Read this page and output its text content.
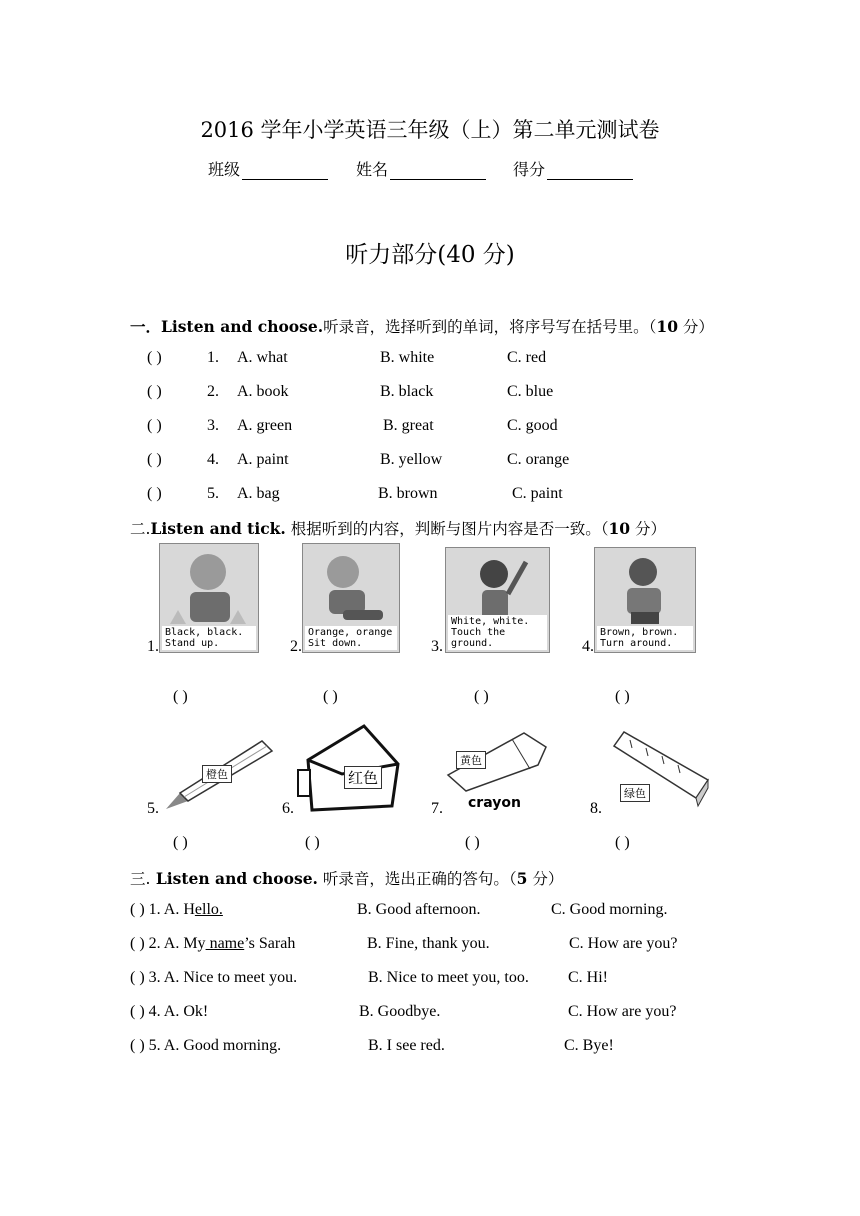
2016 学年小学英语三年级（上）第二单元测试卷
班级	姓名	得分
听力部分(40 分)
一．Listen and choose.听录音，选择听到的单词，将序号写在括号里。（10 分）
( )	1. A. what	B. white	C. red
( )	2. A. book	B. black	C. blue
( )	3. A. green	B. great	C. good
( )	4. A. paint	B. yellow	C. orange
( )	5. A. bag	B. brown	C. paint
二.Listen and tick. 根据听到的内容，判断与图片内容是否一致。（10 分）
1.
Black, black.
Stand up.	2.
Orange, orange
Sit down.	3.
White, white.
Touch the ground.	4.
Brown, brown.
Turn around.
( )	( )	( )	( )
5.
橙色
6.
红色
7.
黄色
crayon	8.
绿色
( )	( )	( )	( )
三. Listen and choose. 听录音，选出正确的答句。（5 分）
( ) 1. A. Hello.	B. Good afternoon.	C. Good morning.
( ) 2. A. My name’s Sarah	B. Fine, thank you.	C. How are you?
( ) 3. A. Nice to meet you.	B. Nice to meet you, too. C. Hi!
( ) 4. A. Ok!	B. Goodbye.	C. How are you?
( ) 5. A. Good morning.	B. I see red.	C. Bye!
